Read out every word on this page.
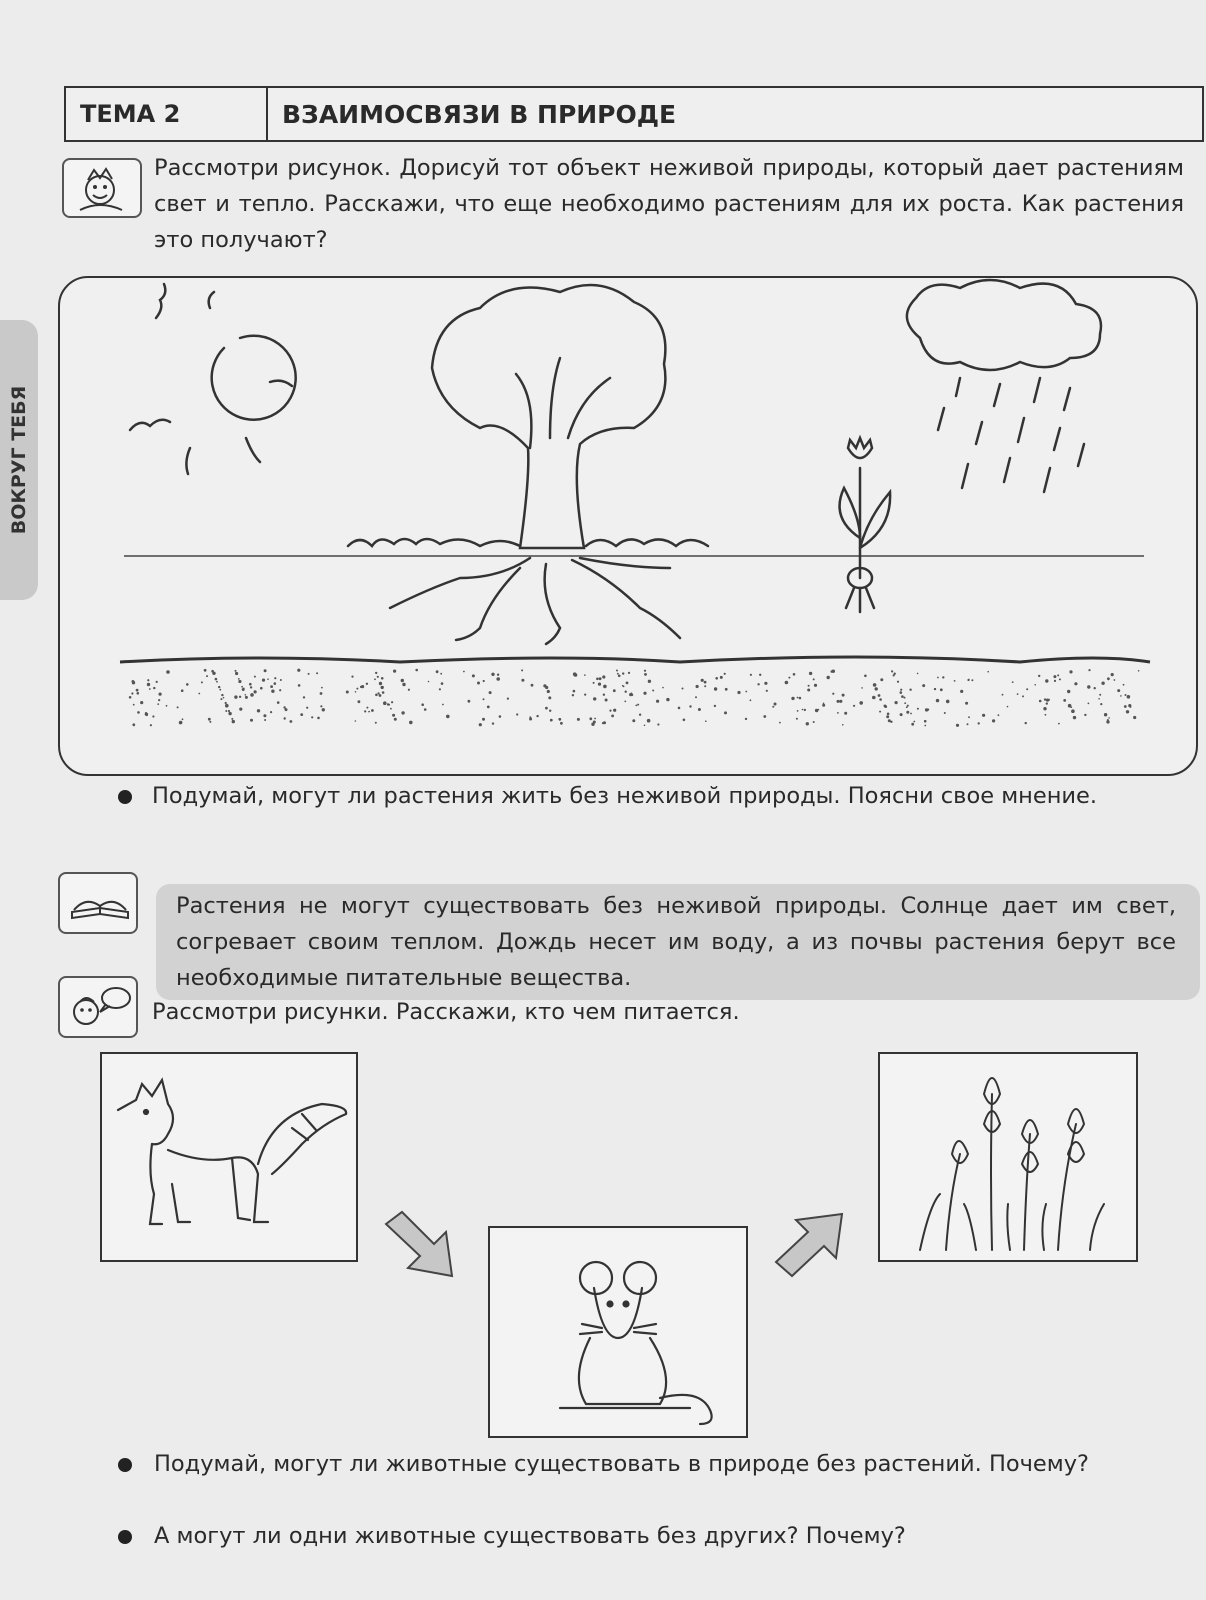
ВОКРУГ ТЕБЯ
ТЕМА 2	ВЗАИМОСВЯЗИ В ПРИРОДЕ
Рассмотри рисунок. Дорисуй тот объект неживой природы, который дает растениям свет и тепло. Расскажи, что еще необходимо растениям для их роста. Как растения это получают?
Подумай, могут ли растения жить без неживой природы. Поясни свое мнение.
Растения не могут существовать без неживой природы. Солнце дает им свет, согревает своим теплом. Дождь несет им воду, а из почвы растения берут все необходимые питательные вещества.
Рассмотри рисунки. Расскажи, кто чем питается.
Подумай, могут ли животные существовать в природе без растений. Почему?
А могут ли одни животные существовать без других? Почему?
